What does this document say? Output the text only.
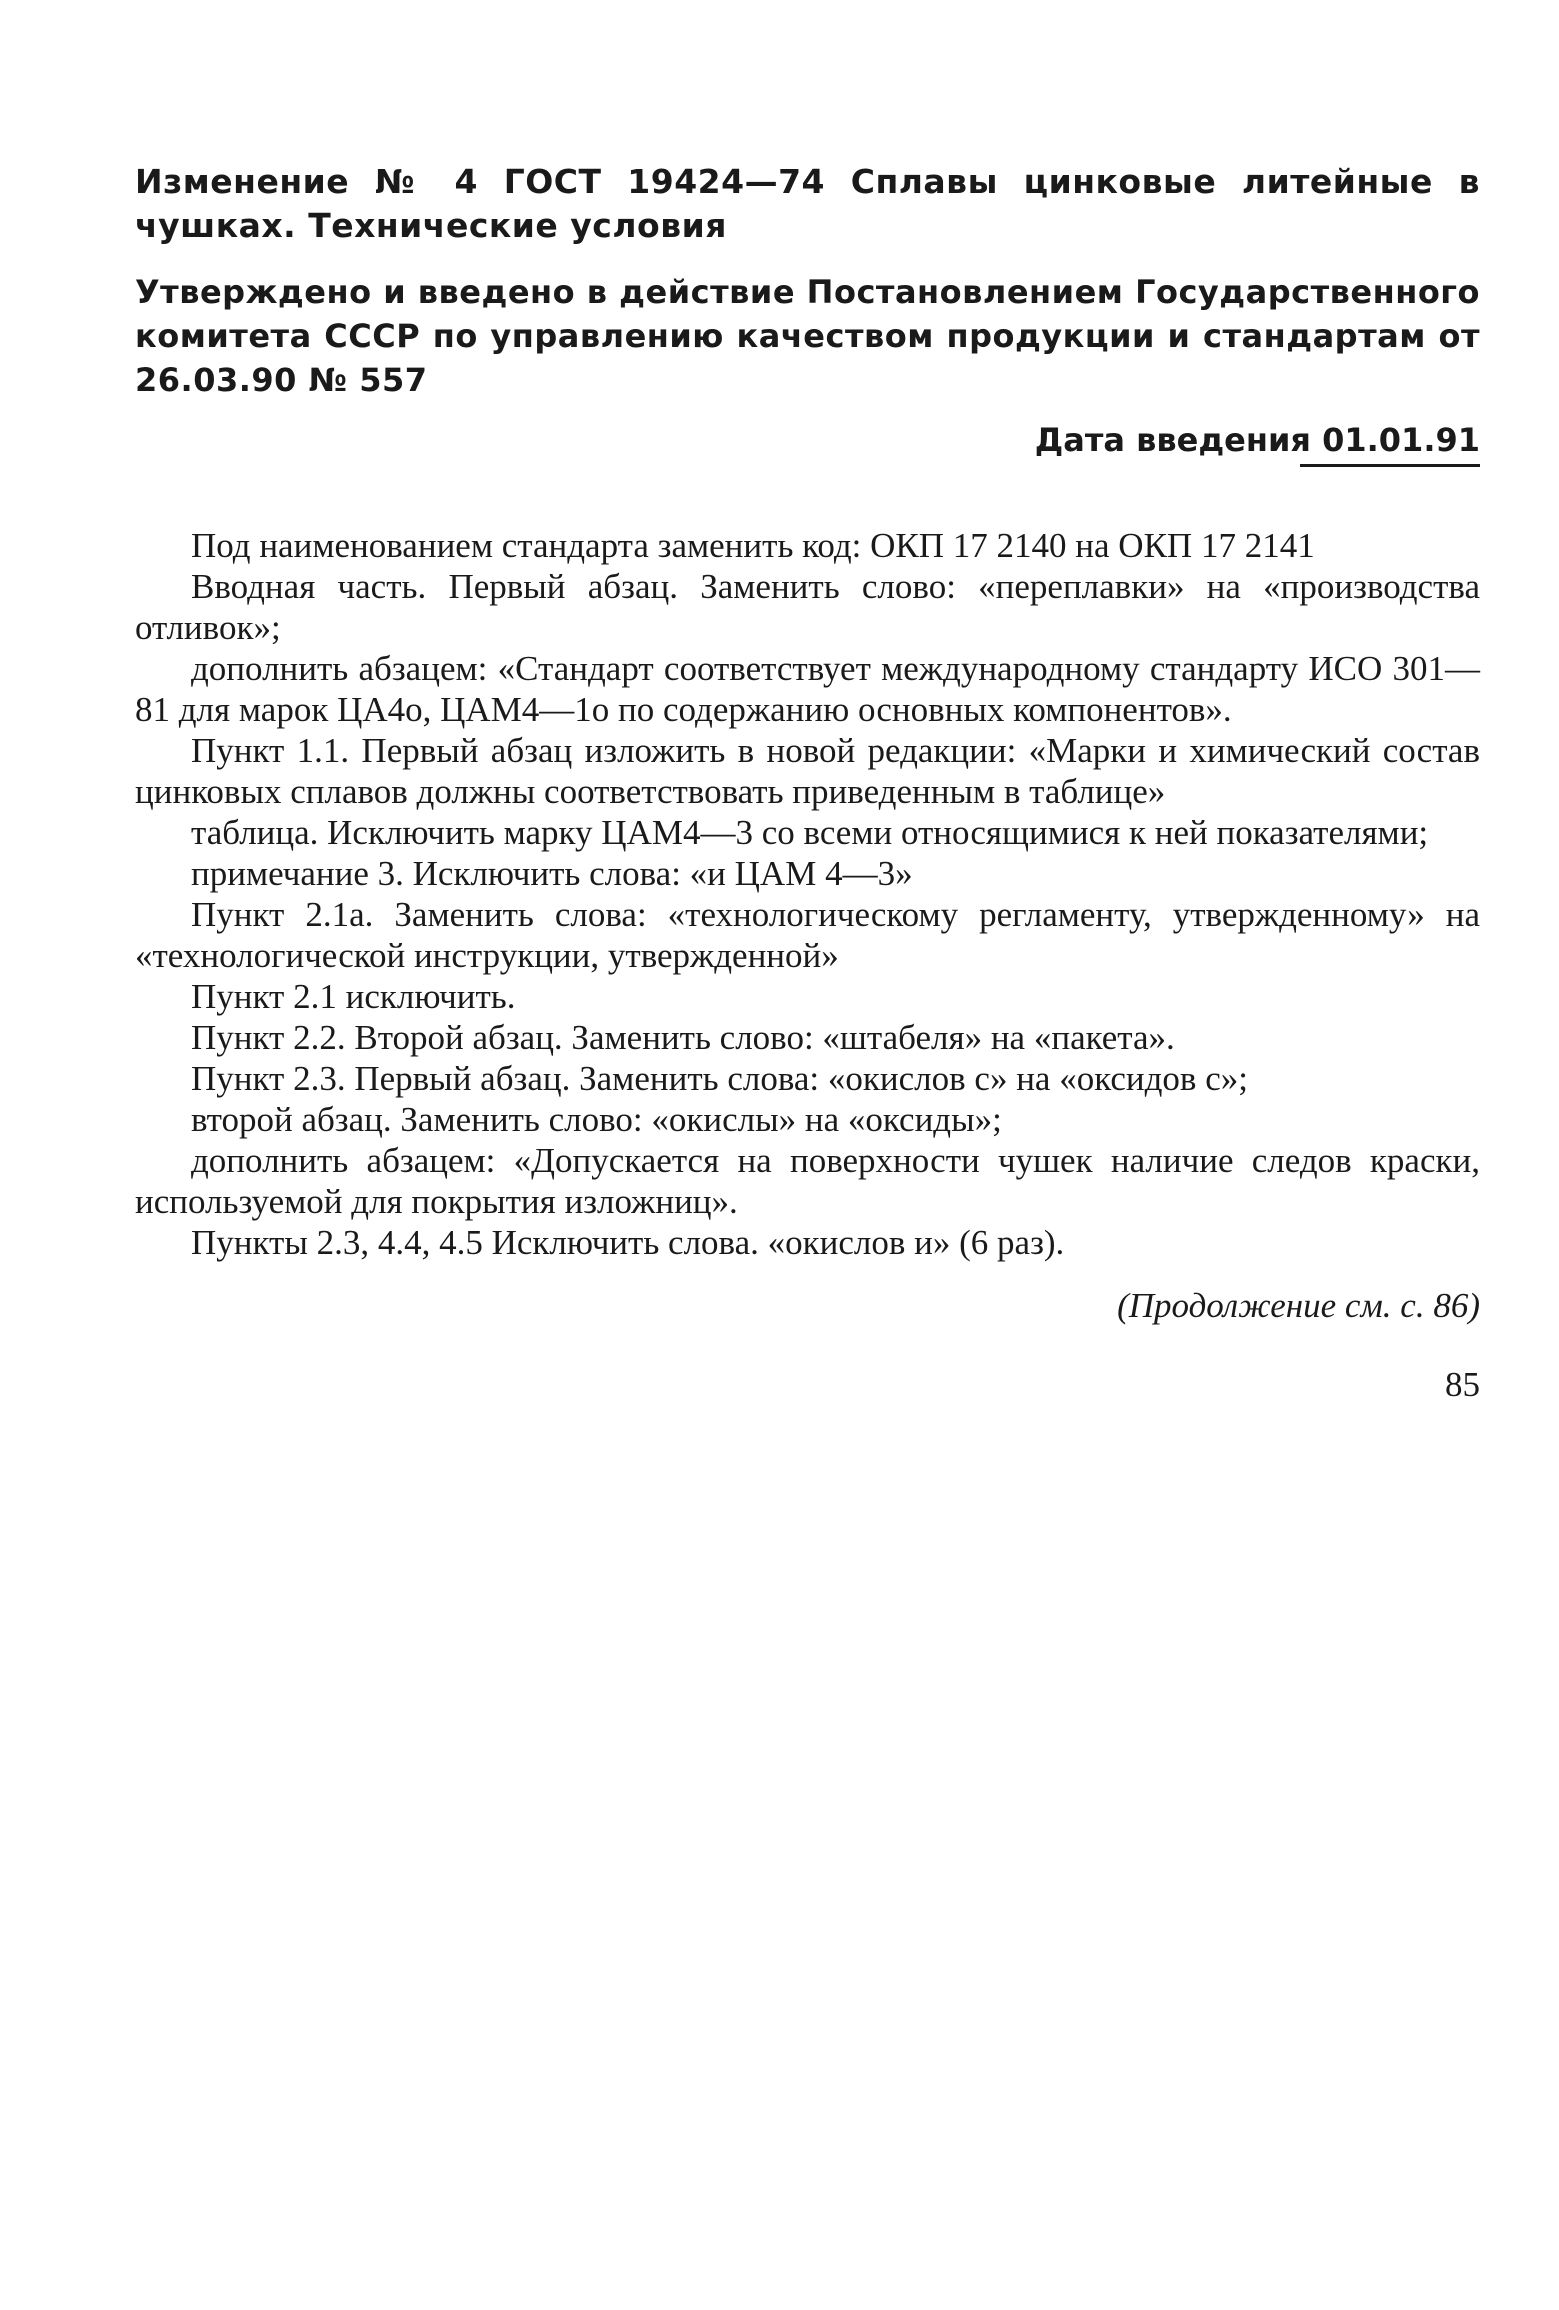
Изменение № 4 ГОСТ 19424—74 Сплавы цинковые литейные в чушках. Технические условия

Утверждено и введено в действие Постановлением Государственного комитета СССР по управлению качеством продукции и стандартам от 26.03.90 № 557

Дата введения 01.01.91

Под наименованием стандарта заменить код: ОКП 17 2140 на ОКП 17 2141

Вводная часть. Первый абзац. Заменить слово: «переплавки» на «производства отливок»;

дополнить абзацем: «Стандарт соответствует международному стандарту ИСО 301—81 для марок ЦА4о, ЦАМ4—1о по содержанию основных компонентов».

Пункт 1.1. Первый абзац изложить в новой редакции: «Марки и химический состав цинковых сплавов должны соответствовать приведенным в таблице»

таблица. Исключить марку ЦАМ4—3 со всеми относящимися к ней показателями;

примечание 3. Исключить слова: «и ЦАМ 4—3»

Пункт 2.1а. Заменить слова: «технологическому регламенту, утвержденному» на «технологической инструкции, утвержденной»

Пункт 2.1 исключить.

Пункт 2.2. Второй абзац. Заменить слово: «штабеля» на «пакета».

Пункт 2.3. Первый абзац. Заменить слова: «окислов с» на «оксидов с»;

второй абзац. Заменить слово: «окислы» на «оксиды»;

дополнить абзацем: «Допускается на поверхности чушек наличие следов краски, используемой для покрытия изложниц».

Пункты 2.3, 4.4, 4.5 Исключить слова. «окислов и» (6 раз).

(Продолжение см. с. 86)
85
